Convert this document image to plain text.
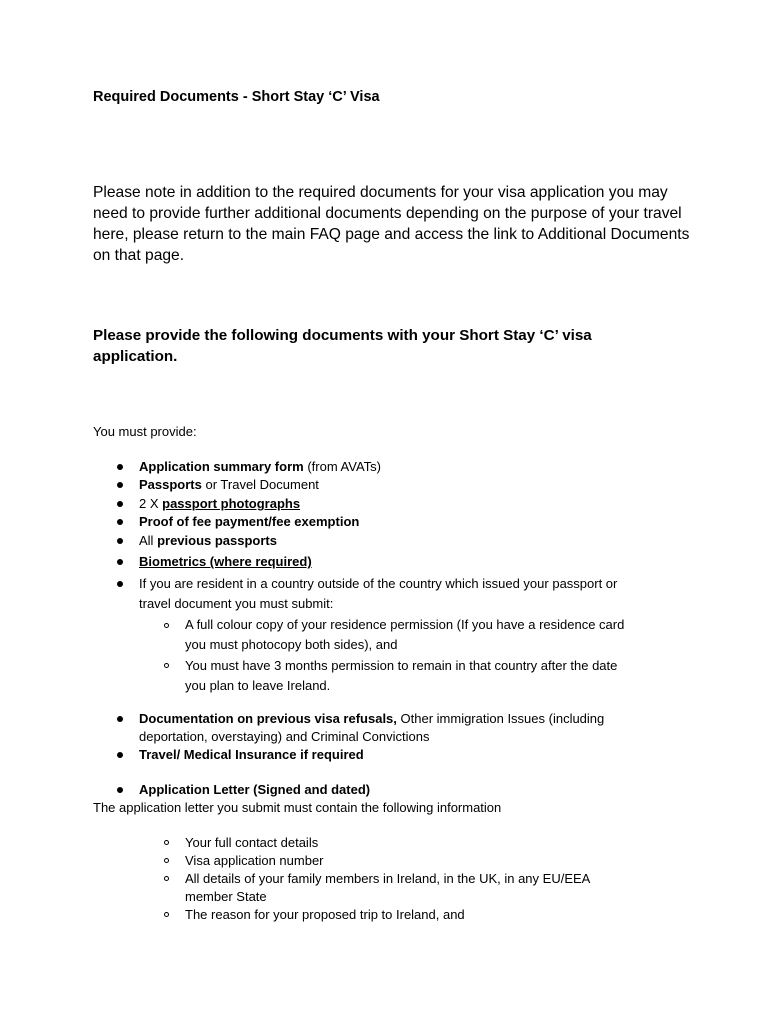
Required Documents - Short Stay ‘C’ Visa
Please note in addition to the required documents for your visa application you may need to provide further additional documents depending on the purpose of your travel here, please return to the main FAQ page and access the link to Additional Documents on that page.
Please provide the following documents with your Short Stay ‘C’ visa application.
You must provide:
Application summary form (from AVATs)
Passports or Travel Document
2 X passport photographs
Proof of fee payment/fee exemption
All previous passports
Biometrics (where required)
If you are resident in a country outside of the country which issued your passport or
travel document you must submit:
A full colour copy of your residence permission (If you have a residence card
you must photocopy both sides), and
You must have 3 months permission to remain in that country after the date
you plan to leave Ireland.
Documentation on previous visa refusals, Other immigration Issues (including
deportation, overstaying) and Criminal Convictions
Travel/ Medical Insurance if required
Application Letter (Signed and dated)
The application letter you submit must contain the following information
Your full contact details
Visa application number
All details of your family members in Ireland, in the UK, in any EU/EEA
member State
The reason for your proposed trip to Ireland, and
